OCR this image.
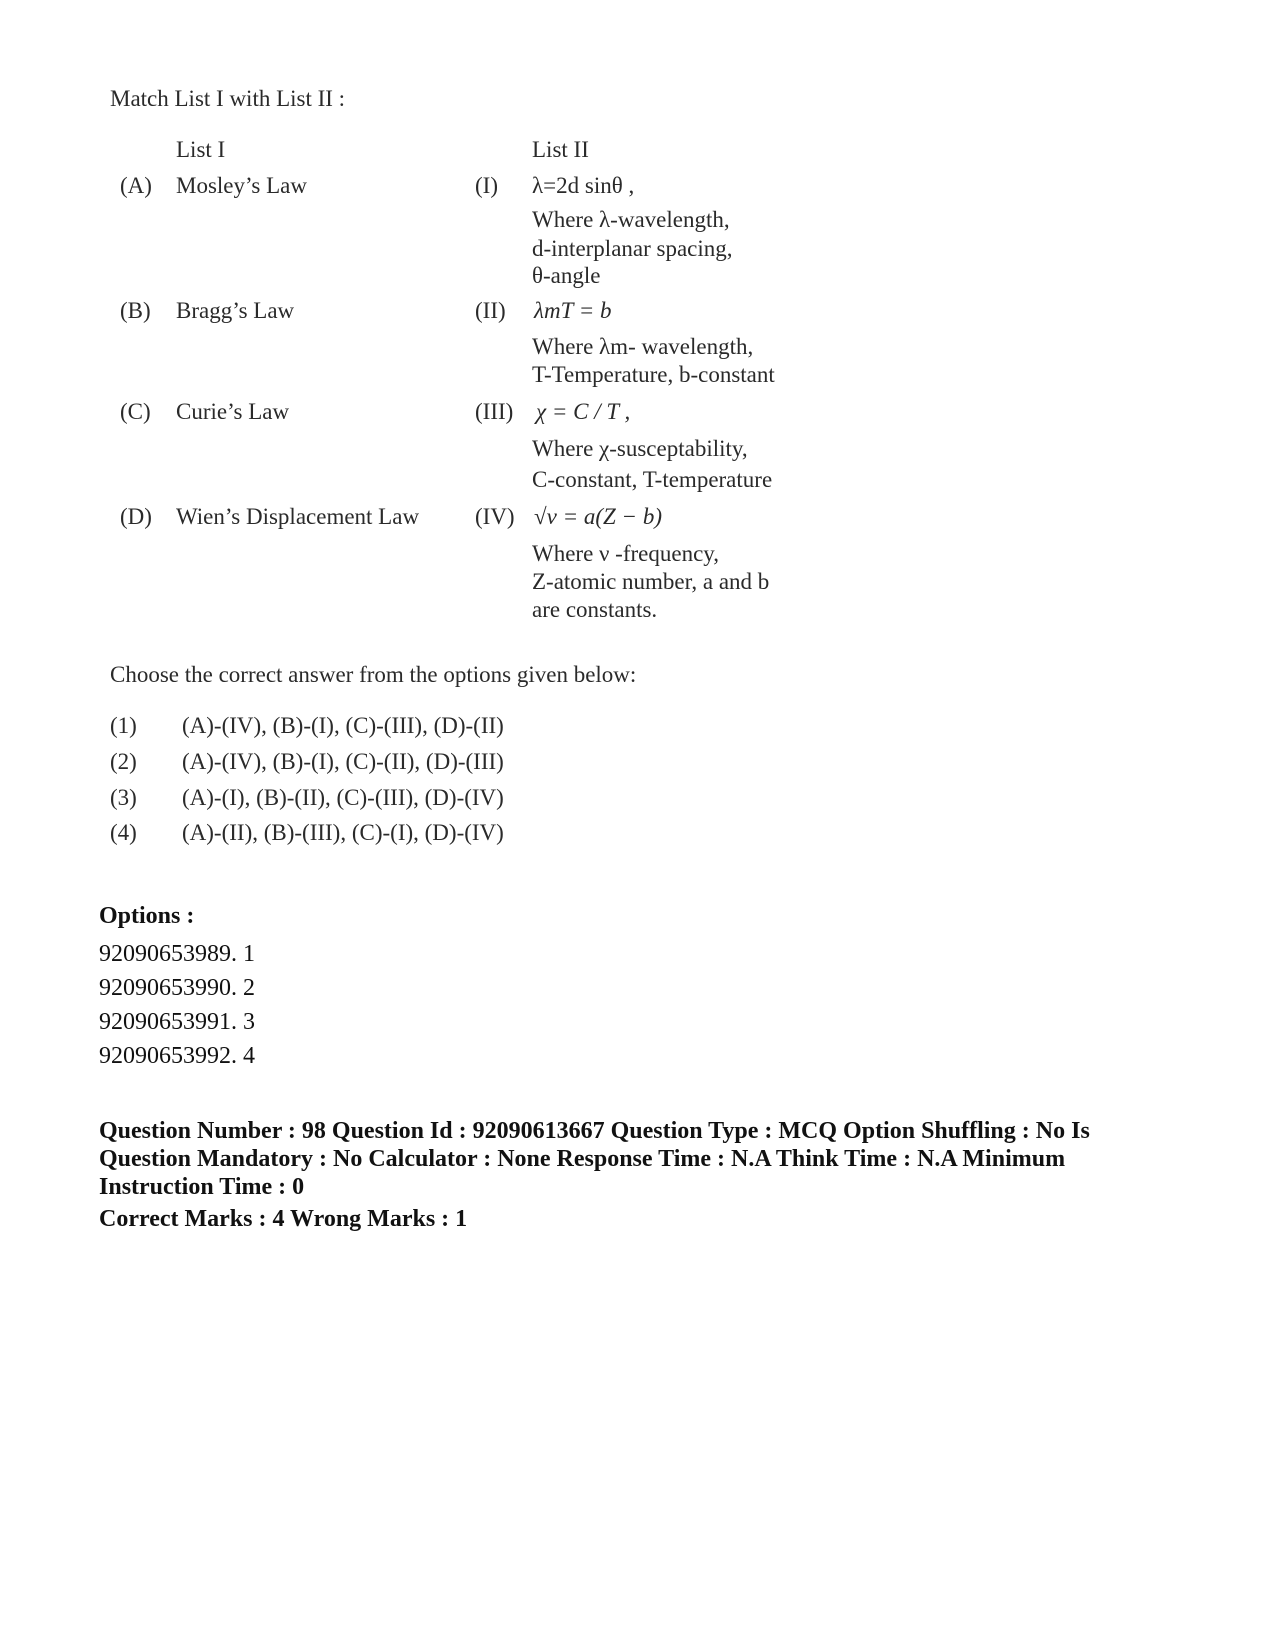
Match List I with List II :
List I	List II
(A) Mosley’s Law
(B) Bragg’s Law
(C) Curie’s Law
(D) Wien’s Displacement Law
(I) λ=2d sinθ ,
Where λ-wavelength,
d-interplanar spacing,
θ-angle
(II) λmT = b
Where λm- wavelength,
T-Temperature, b-constant
(III) χ = C / T ,
Where χ-susceptability,
C-constant, T-temperature
(IV) √ν = a(Z − b)
Where ν -frequency,
Z-atomic number, a and b
are constants.
Choose the correct answer from the options given below:
(1) (A)-(IV), (B)-(I), (C)-(III), (D)-(II)
(2) (A)-(IV), (B)-(I), (C)-(II), (D)-(III)
(3) (A)-(I), (B)-(II), (C)-(III), (D)-(IV)
(4) (A)-(II), (B)-(III), (C)-(I), (D)-(IV)
Options :
92090653989. 1
92090653990. 2
92090653991. 3
92090653992. 4
Question Number : 98 Question Id : 92090613667 Question Type : MCQ Option Shuffling : No Is Question Mandatory : No Calculator : None Response Time : N.A Think Time : N.A Minimum Instruction Time : 0
Correct Marks : 4 Wrong Marks : 1
